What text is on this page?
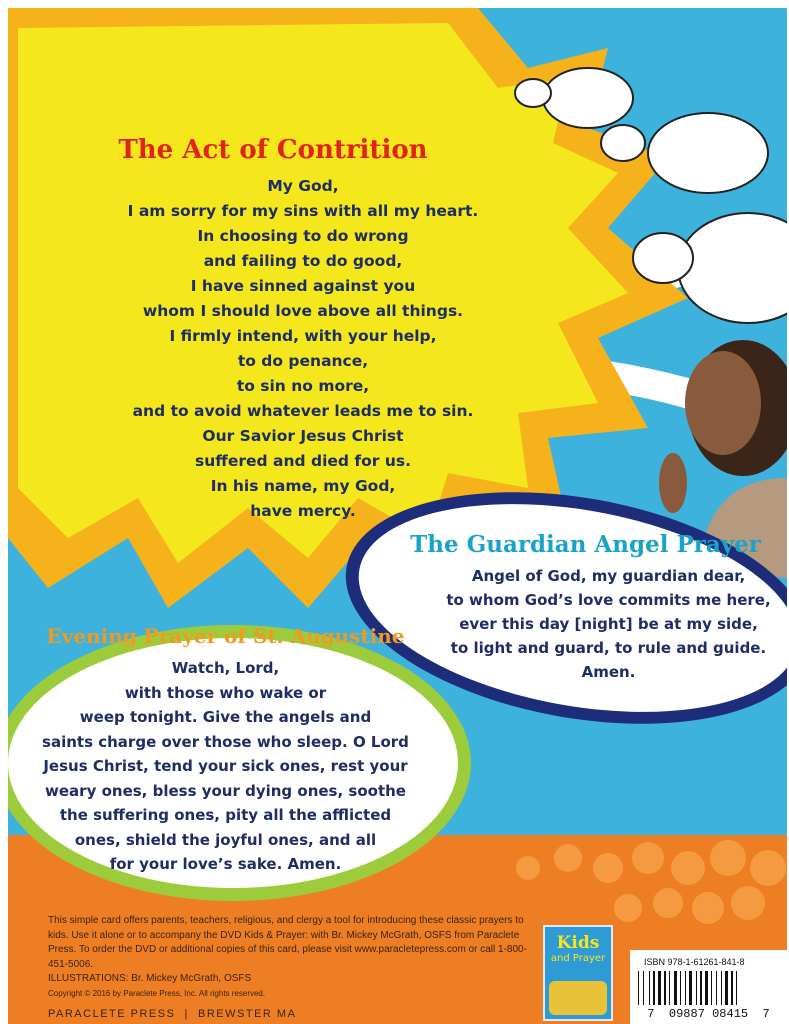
The Act of Contrition
My God,
I am sorry for my sins with all my heart.
In choosing to do wrong
and failing to do good,
I have sinned against you
whom I should love above all things.
I firmly intend, with your help,
to do penance,
to sin no more,
and to avoid whatever leads me to sin.
Our Savior Jesus Christ
suffered and died for us.
In his name, my God,
have mercy.
The Guardian Angel Prayer
Angel of God, my guardian dear,
to whom God’s love commits me here,
ever this day [night] be at my side,
to light and guard, to rule and guide.
Amen.
Evening Prayer of St. Augustine
Watch, Lord,
with those who wake or
weep tonight. Give the angels and
saints charge over those who sleep. O Lord
Jesus Christ, tend your sick ones, rest your
weary ones, bless your dying ones, soothe
the suffering ones, pity all the afflicted
ones, shield the joyful ones, and all
for your love’s sake. Amen.
This simple card offers parents, teachers, religious, and clergy a tool for introducing these classic prayers to kids. Use it alone or to accompany the DVD Kids & Prayer: with Br. Mickey McGrath, OSFS from Paraclete Press. To order the DVD or additional copies of this card, please visit www.paracletepress.com or call 1-800-451-5006.
ILLUSTRATIONS: Br. Mickey McGrath, OSFS
Copyright © 2016 by Paraclete Press, Inc. All rights reserved.
PARACLETE PRESS  |  BREWSTER MA
Kids
and Prayer	ISBN 978-1-61261-841-8
7  09887 08415  7
